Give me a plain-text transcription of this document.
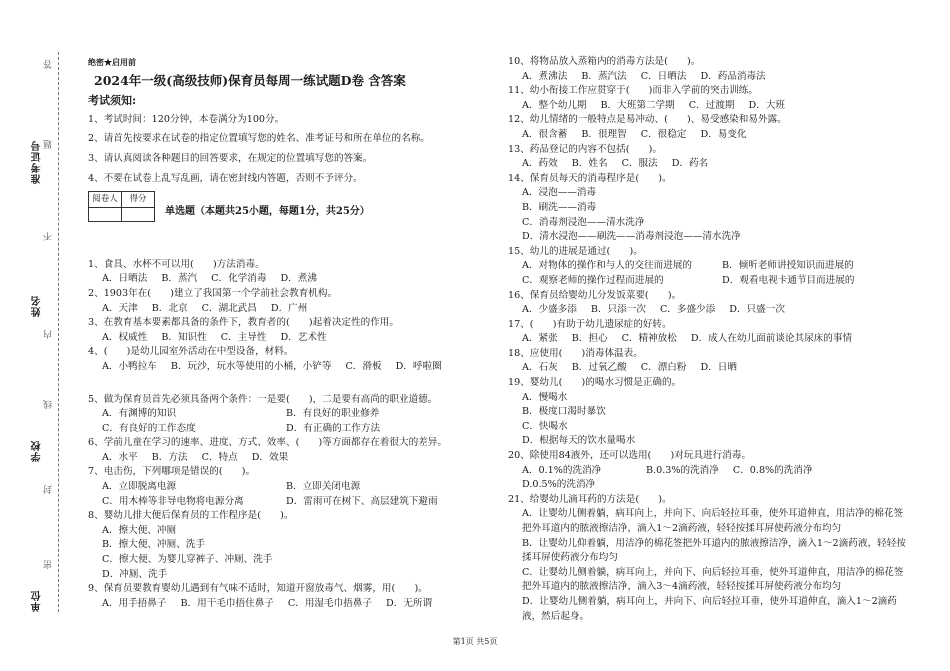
准考证号
姓名
学校
单位
答
题
不
内
线
封
密
绝密★启用前
2024年一级(高级技师)保育员每周一练试题D卷 含答案
考试须知:
1、考试时间：120分钟，本卷满分为100分。
2、请首先按要求在试卷的指定位置填写您的姓名、准考证号和所在单位的名称。
3、请认真阅读各种题目的回答要求，在规定的位置填写您的答案。
4、不要在试卷上乱写乱画，请在密封线内答题，否则不予评分。
阅卷人	得分

单选题（本题共25小题，每题1分，共25分）
1、食具、水杯不可以用(　　)方法消毒。
A．日晒法 B．蒸汽 C．化学消毒 D．煮沸
2、1903年在(　　)建立了我国第一个学前社会教育机构。
A．天津 B．北京 C．湖北武昌 D．广州
3、在教育基本要素都具备的条件下，教育者的(　　)起着决定性的作用。
A．权威性 B．知识性 C．主导性 D．艺术性
4、(　　)是幼儿园室外活动在中型设备，材料。
A．小鸭拉车 B．玩沙，玩水等使用的小桶，小铲等 C．滑板 D．呼啦圈
5、做为保育员首先必须具备两个条件：一是要(　　)，二是要有高尚的职业道德。
A．有渊博的知识	B．有良好的职业修养
C．有良好的工作态度	D．有正确的工作方法
6、学前儿童在学习的速率、进度、方式、效率、(　　)等方面都存在着很大的差异。
A．水平 B．方法 C．特点 D．效果
7、电击伤，下列哪项是错误的(　　)。
A．立即脱离电源	B．立即关闭电源
C．用木棒等非导电物将电源分离	D．雷雨可在树下、高层建筑下避雨
8、婴幼儿排大便后保育员的工作程序是(　　)。
A．擦大便、冲厕
B．擦大便、冲厕、洗手
C．擦大便、为婴儿穿裤子、冲厕、洗手
D．冲厕、洗手
9、保育员要教育婴幼儿遇到有气味不适时，知道开窗放毒气、烟雾，用(　　)。
A．用手捂鼻子 B．用干毛巾捂住鼻子 C．用湿毛巾捂鼻子 D．无所谓
10、将物品放入蒸箱内的消毒方法是(　　)。
A．煮沸法 B．蒸汽法 C．日晒法 D．药品消毒法
11、幼小衔接工作应贯穿于(　　)而非入学前的突击训练。
A．整个幼儿期 B．大班第二学期 C．过渡期 D．大班
12、幼儿情绪的一般特点是易冲动、(　　)、易受感染和易外露。
A．很含蓄 B．很理智 C．很稳定 D．易变化
13、药品登记的内容不包括(　　)。
A．药效 B．姓名 C．服法 D．药名
14、保育员每天的消毒程序是(　　)。
A．浸泡——消毒
B．刷洗——消毒
C．消毒剂浸泡——清水洗净
D．清水浸泡——刷洗——消毒剂浸泡——清水洗净
15、幼儿的进展是通过(　　)。
A．对物体的操作和与人的交往而进展的	B．倾听老师讲授知识而进展的
C．观察老师的操作过程而进展的	D．观看电视卡通节目而进展的
16、保育员给婴幼儿分发饭菜要(　　)。
A．少盛多添 B．只添一次 C．多盛少添 D．只盛一次
17、(　　)有助于幼儿遗尿症的好转。
A．紧张 B．担心 C．精神放松 D．成人在幼儿面前谈论其尿床的事情
18、应使用(　　)消毒体温表。
A．石灰 B．过氧乙酸 C．漂白粉 D．日晒
19、婴幼儿(　　)的喝水习惯是正确的。
A．慢喝水
B．极度口渴时暴饮
C．快喝水
D．根据每天的饮水量喝水
20、除使用84液外，还可以选用(　　)对玩具进行消毒。
A．0.1%的洗消净	B.0.3%的洗消净 C．0.8%的洗消净
D.0.5%的洗消净
21、给婴幼儿滴耳药的方法是(　　)。
A．让婴幼儿侧着躺，病耳向上，并向下、向后轻拉耳垂，使外耳道伸直，用洁净的棉花签把外耳道内的脓液擦洁净，滴入1～2滴药液，轻轻按揉耳屏使药液分布均匀
B．让婴幼儿仰着躺，用洁净的棉花签把外耳道内的脓液擦洁净，滴入1～2滴药液，轻轻按揉耳屏使药液分布均匀
C．让婴幼儿侧着躺，病耳向上，并向下、向后轻拉耳垂，使外耳道伸直，用洁净的棉花签把外耳道内的脓液擦洁净，滴入3～4滴药液，轻轻按揉耳屏使药液分布均匀
D．让婴幼儿侧着躺，病耳向上，并向下、向后轻拉耳垂，使外耳道伸直，滴入1～2滴药液，然后起身。
第1页 共5页
